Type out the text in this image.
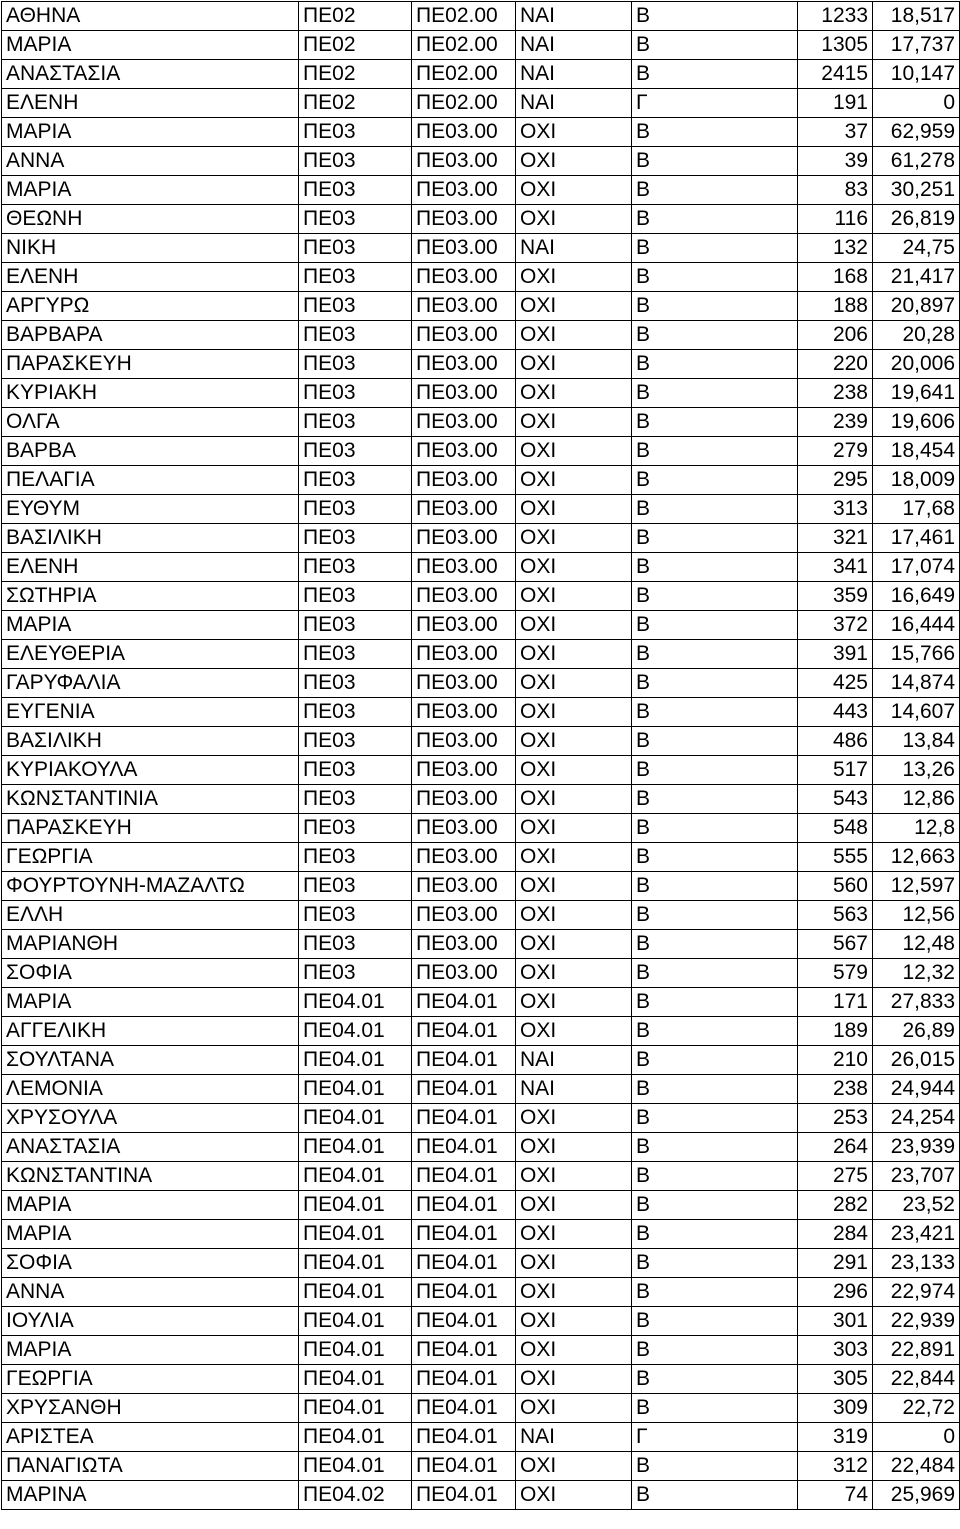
ΑΘΗΝΑ	ΠΕ02	ΠΕ02.00	ΝΑΙ	Β	1233	18,517
ΜΑΡΙΑ	ΠΕ02	ΠΕ02.00	ΝΑΙ	Β	1305	17,737
ΑΝΑΣΤΑΣΙΑ	ΠΕ02	ΠΕ02.00	ΝΑΙ	Β	2415	10,147
ΕΛΕΝΗ	ΠΕ02	ΠΕ02.00	ΝΑΙ	Γ	191	0
ΜΑΡΙΑ	ΠΕ03	ΠΕ03.00	ΟΧΙ	Β	37	62,959
ΑΝΝΑ	ΠΕ03	ΠΕ03.00	ΟΧΙ	Β	39	61,278
ΜΑΡΙΑ	ΠΕ03	ΠΕ03.00	ΟΧΙ	Β	83	30,251
ΘΕΩΝΗ	ΠΕ03	ΠΕ03.00	ΟΧΙ	Β	116	26,819
ΝΙΚΗ	ΠΕ03	ΠΕ03.00	ΝΑΙ	Β	132	24,75
ΕΛΕΝΗ	ΠΕ03	ΠΕ03.00	ΟΧΙ	Β	168	21,417
ΑΡΓΥΡΩ	ΠΕ03	ΠΕ03.00	ΟΧΙ	Β	188	20,897
ΒΑΡΒΑΡΑ	ΠΕ03	ΠΕ03.00	ΟΧΙ	Β	206	20,28
ΠΑΡΑΣΚΕΥΗ	ΠΕ03	ΠΕ03.00	ΟΧΙ	Β	220	20,006
ΚΥΡΙΑΚΗ	ΠΕ03	ΠΕ03.00	ΟΧΙ	Β	238	19,641
ΟΛΓΑ	ΠΕ03	ΠΕ03.00	ΟΧΙ	Β	239	19,606
ΒΑΡΒΑ	ΠΕ03	ΠΕ03.00	ΟΧΙ	Β	279	18,454
ΠΕΛΑΓΙΑ	ΠΕ03	ΠΕ03.00	ΟΧΙ	Β	295	18,009
ΕΥΘΥΜ	ΠΕ03	ΠΕ03.00	ΟΧΙ	Β	313	17,68
ΒΑΣΙΛΙΚΗ	ΠΕ03	ΠΕ03.00	ΟΧΙ	Β	321	17,461
ΕΛΕΝΗ	ΠΕ03	ΠΕ03.00	ΟΧΙ	Β	341	17,074
ΣΩΤΗΡΙΑ	ΠΕ03	ΠΕ03.00	ΟΧΙ	Β	359	16,649
ΜΑΡΙΑ	ΠΕ03	ΠΕ03.00	ΟΧΙ	Β	372	16,444
ΕΛΕΥΘΕΡΙΑ	ΠΕ03	ΠΕ03.00	ΟΧΙ	Β	391	15,766
ΓΑΡΥΦΑΛΙΑ	ΠΕ03	ΠΕ03.00	ΟΧΙ	Β	425	14,874
ΕΥΓΕΝΙΑ	ΠΕ03	ΠΕ03.00	ΟΧΙ	Β	443	14,607
ΒΑΣΙΛΙΚΗ	ΠΕ03	ΠΕ03.00	ΟΧΙ	Β	486	13,84
ΚΥΡΙΑΚΟΥΛΑ	ΠΕ03	ΠΕ03.00	ΟΧΙ	Β	517	13,26
ΚΩΝΣΤΑΝΤΙΝΙΑ	ΠΕ03	ΠΕ03.00	ΟΧΙ	Β	543	12,86
ΠΑΡΑΣΚΕΥΗ	ΠΕ03	ΠΕ03.00	ΟΧΙ	Β	548	12,8
ΓΕΩΡΓΙΑ	ΠΕ03	ΠΕ03.00	ΟΧΙ	Β	555	12,663
ΦΟΥΡΤΟΥΝΗ-ΜΑΖΑΛΤΩ	ΠΕ03	ΠΕ03.00	ΟΧΙ	Β	560	12,597
ΕΛΛΗ	ΠΕ03	ΠΕ03.00	ΟΧΙ	Β	563	12,56
ΜΑΡΙΑΝΘΗ	ΠΕ03	ΠΕ03.00	ΟΧΙ	Β	567	12,48
ΣΟΦΙΑ	ΠΕ03	ΠΕ03.00	ΟΧΙ	Β	579	12,32
ΜΑΡΙΑ	ΠΕ04.01	ΠΕ04.01	ΟΧΙ	Β	171	27,833
ΑΓΓΕΛΙΚΗ	ΠΕ04.01	ΠΕ04.01	ΟΧΙ	Β	189	26,89
ΣΟΥΛΤΑΝΑ	ΠΕ04.01	ΠΕ04.01	ΝΑΙ	Β	210	26,015
ΛΕΜΟΝΙΑ	ΠΕ04.01	ΠΕ04.01	ΝΑΙ	Β	238	24,944
ΧΡΥΣΟΥΛΑ	ΠΕ04.01	ΠΕ04.01	ΟΧΙ	Β	253	24,254
ΑΝΑΣΤΑΣΙΑ	ΠΕ04.01	ΠΕ04.01	ΟΧΙ	Β	264	23,939
ΚΩΝΣΤΑΝΤΙΝΑ	ΠΕ04.01	ΠΕ04.01	ΟΧΙ	Β	275	23,707
ΜΑΡΙΑ	ΠΕ04.01	ΠΕ04.01	ΟΧΙ	Β	282	23,52
ΜΑΡΙΑ	ΠΕ04.01	ΠΕ04.01	ΟΧΙ	Β	284	23,421
ΣΟΦΙΑ	ΠΕ04.01	ΠΕ04.01	ΟΧΙ	Β	291	23,133
ΑΝΝΑ	ΠΕ04.01	ΠΕ04.01	ΟΧΙ	Β	296	22,974
ΙΟΥΛΙΑ	ΠΕ04.01	ΠΕ04.01	ΟΧΙ	Β	301	22,939
ΜΑΡΙΑ	ΠΕ04.01	ΠΕ04.01	ΟΧΙ	Β	303	22,891
ΓΕΩΡΓΙΑ	ΠΕ04.01	ΠΕ04.01	ΟΧΙ	Β	305	22,844
ΧΡΥΣΑΝΘΗ	ΠΕ04.01	ΠΕ04.01	ΟΧΙ	Β	309	22,72
ΑΡΙΣΤΕΑ	ΠΕ04.01	ΠΕ04.01	ΝΑΙ	Γ	319	0
ΠΑΝΑΓΙΩΤΑ	ΠΕ04.01	ΠΕ04.01	ΟΧΙ	Β	312	22,484
ΜΑΡΙΝΑ	ΠΕ04.02	ΠΕ04.01	ΟΧΙ	Β	74	25,969
